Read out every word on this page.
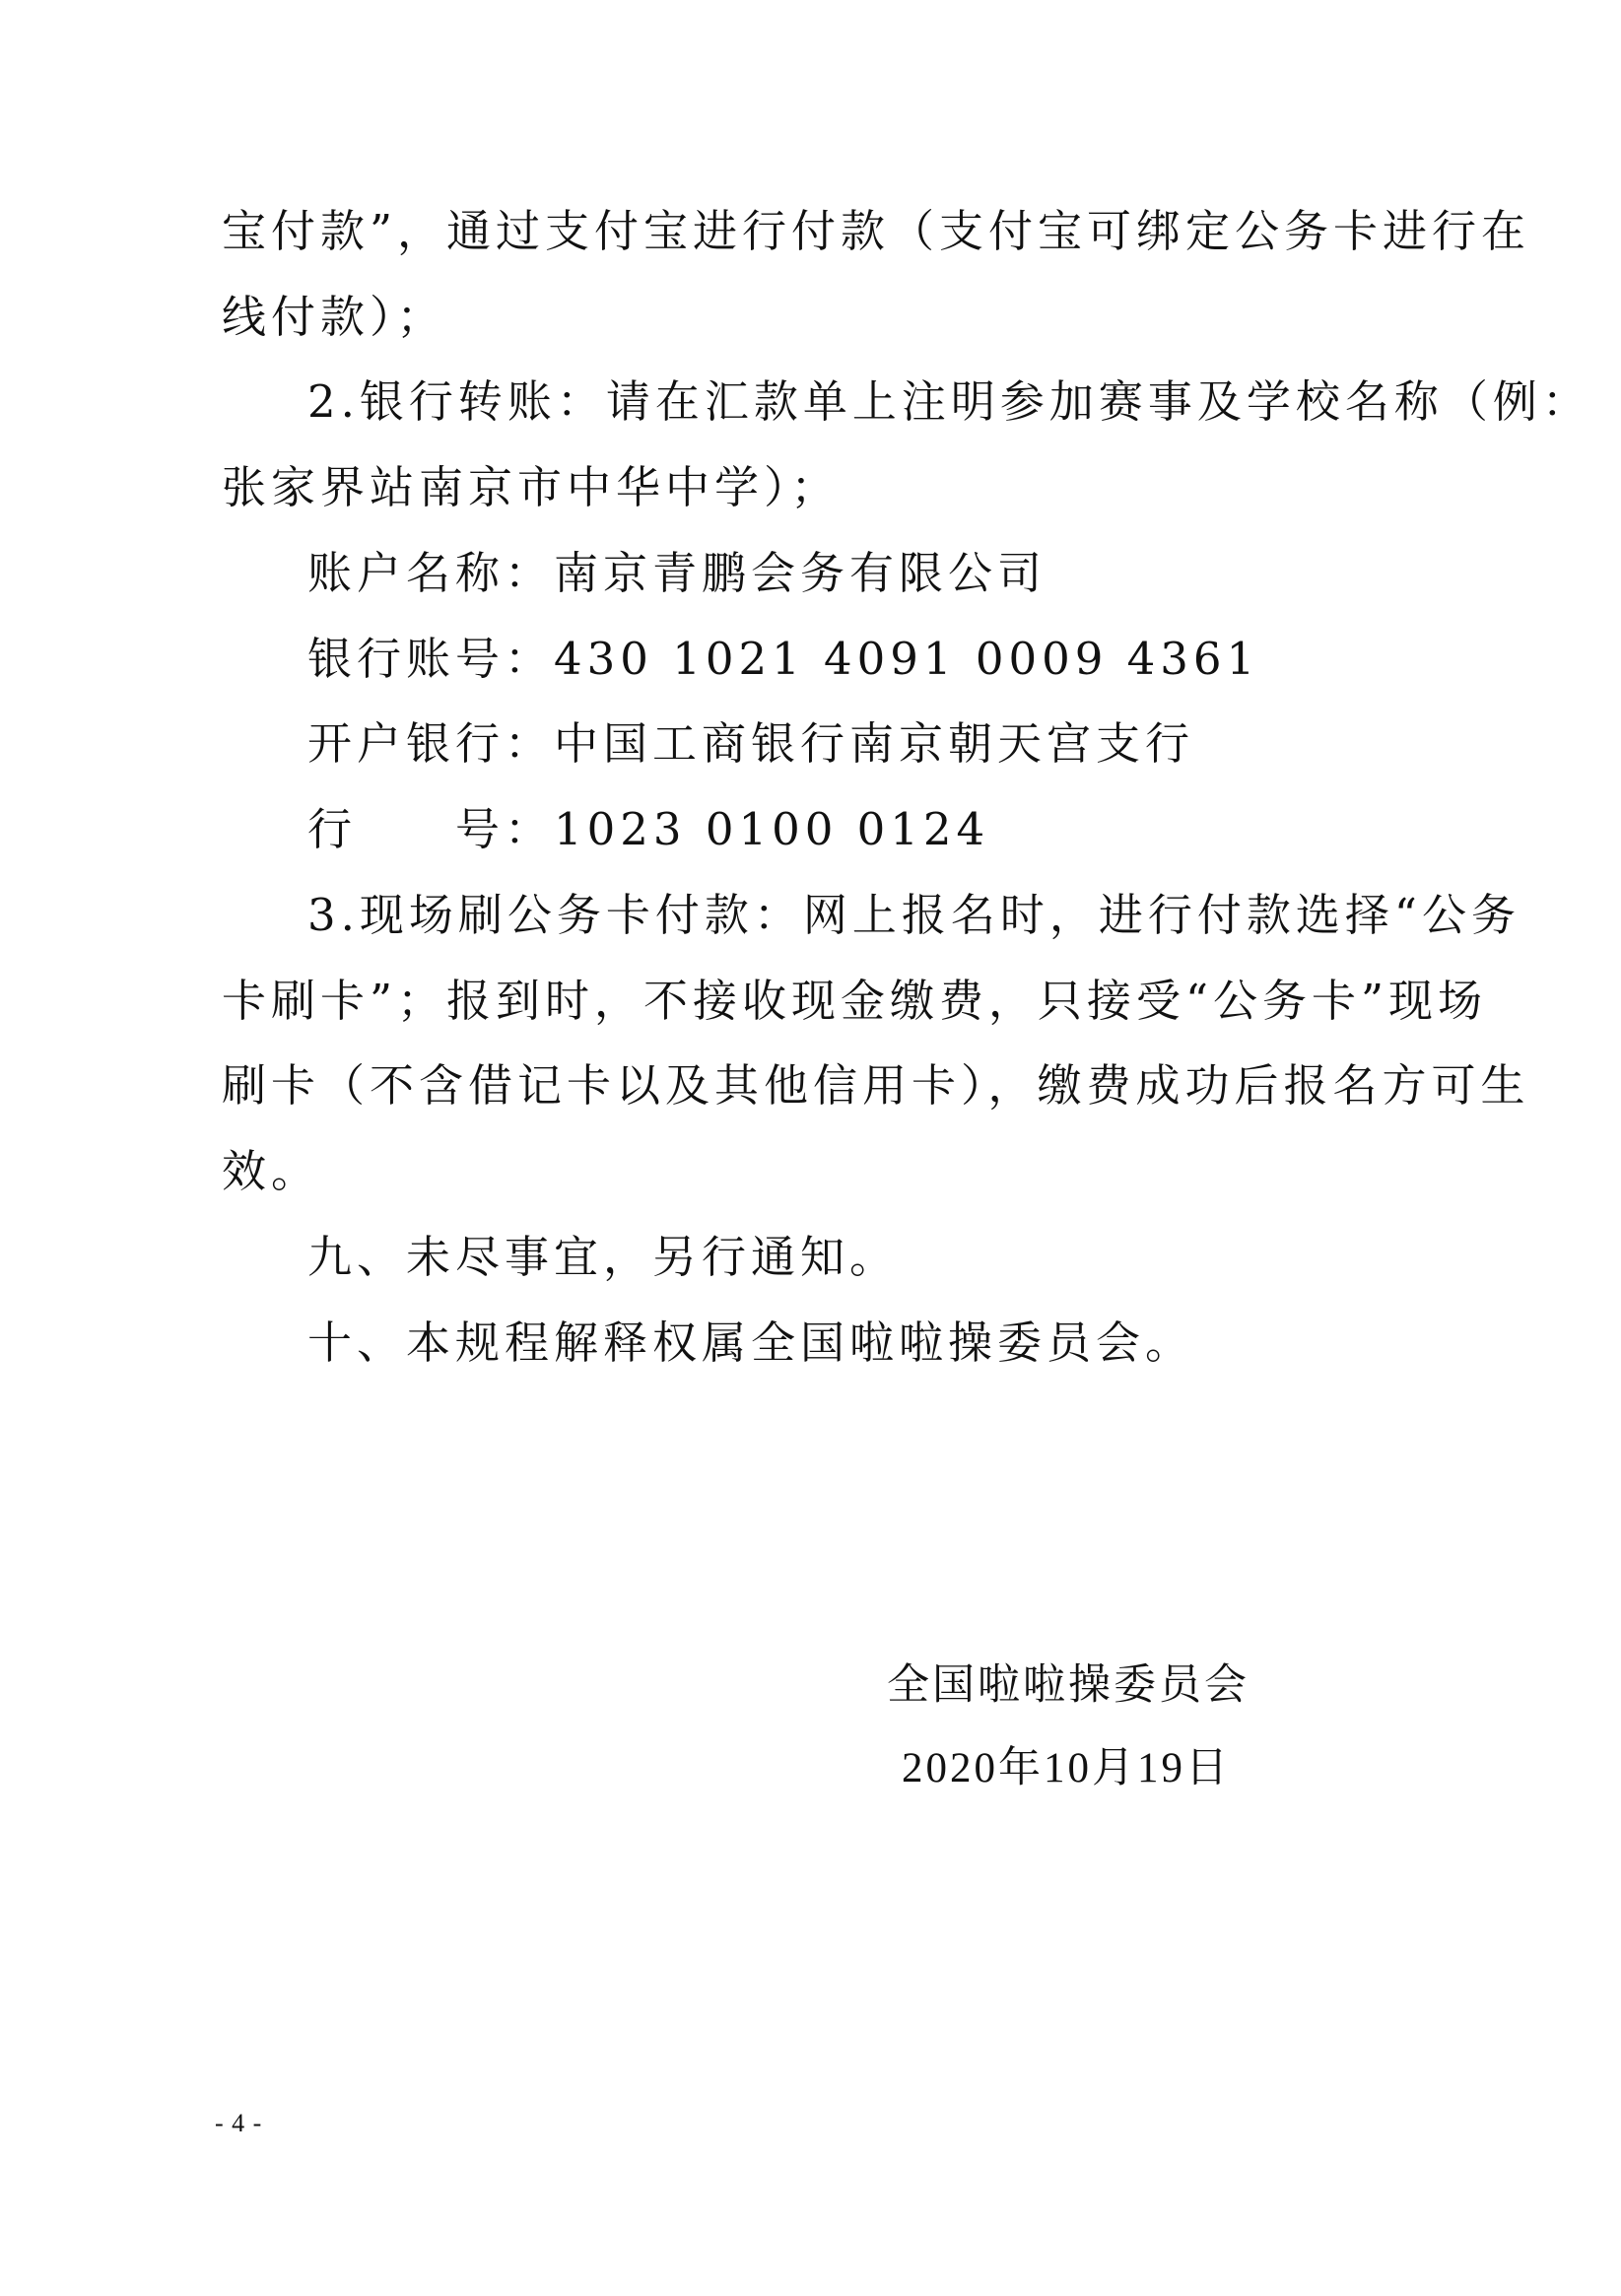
宝付款”，通过支付宝进行付款（支付宝可绑定公务卡进行在
线付款）；
2.银行转账：请在汇款单上注明参加赛事及学校名称（例：
张家界站南京市中华中学）；
账户名称：南京青鹏会务有限公司
银行账号：430 1021 4091 0009 4361
开户银行：中国工商银行南京朝天宫支行
行　　号：1023 0100 0124
3.现场刷公务卡付款：网上报名时，进行付款选择“公务
卡刷卡”；报到时，不接收现金缴费，只接受“公务卡”现场
刷卡（不含借记卡以及其他信用卡），缴费成功后报名方可生
效。
九、未尽事宜，另行通知。
十、本规程解释权属全国啦啦操委员会。
全国啦啦操委员会
2020年10月19日
- 4 -
